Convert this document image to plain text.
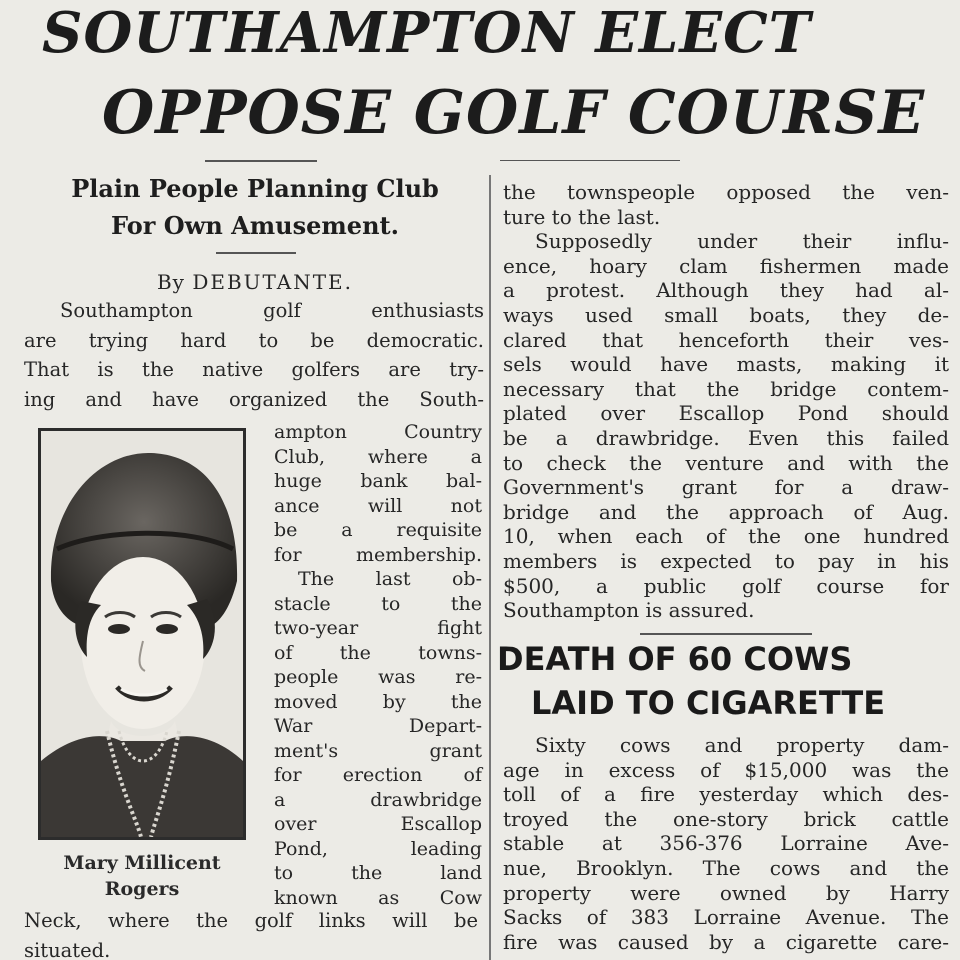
SOUTHAMPTON ELECT
OPPOSE GOLF COURSE
Plain People Planning Club
For Own Amusement.
By DEBUTANTE.
Southampton golf enthusiasts
are trying hard to be democratic.
That is the native golfers are try-
ing and have organized the South-
Mary Millicent
Rogers
ampton Country
Club, where a
huge bank bal-
ance will not
be a requisite
for membership.
The last ob-
stacle to the
two-year fight
of the towns-
people was re-
moved by the
War Depart-
ment's grant
for erection of
a drawbridge
over Escallop
Pond, leading
to the land
known as Cow
Neck, where the golf links will be
situated.
the townspeople opposed the ven-
ture to the last.
Supposedly under their influ-
ence, hoary clam fishermen made
a protest. Although they had al-
ways used small boats, they de-
clared that henceforth their ves-
sels would have masts, making it
necessary that the bridge contem-
plated over Escallop Pond should
be a drawbridge. Even this failed
to check the venture and with the
Government's grant for a draw-
bridge and the approach of Aug.
10, when each of the one hundred
members is expected to pay in his
$500, a public golf course for
Southampton is assured.
DEATH OF 60 COWS
LAID TO CIGARETTE
Sixty cows and property dam-
age in excess of $15,000 was the
toll of a fire yesterday which des-
troyed the one-story brick cattle
stable at 356-376 Lorraine Ave-
nue, Brooklyn. The cows and the
property were owned by Harry
Sacks of 383 Lorraine Avenue. The
fire was caused by a cigarette care-
